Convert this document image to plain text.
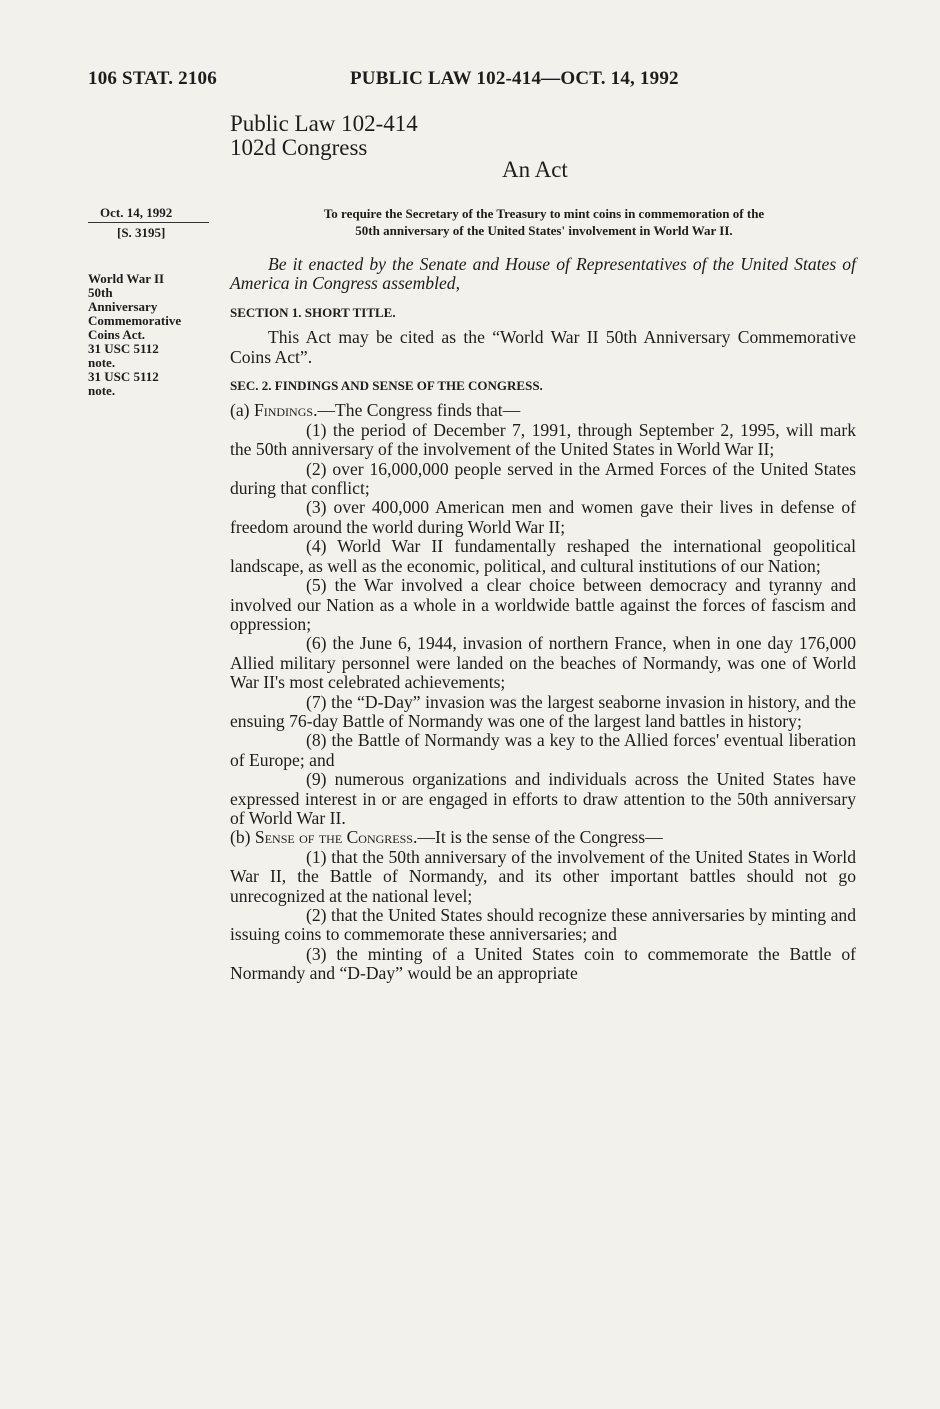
106 STAT. 2106	PUBLIC LAW 102-414—OCT. 14, 1992
Public Law 102-414
102d Congress
An Act
Oct. 14, 1992
[S. 3195]
World War II
50th
Anniversary
Commemorative
Coins Act.
31 USC 5112
note.
31 USC 5112
note.
To require the Secretary of the Treasury to mint coins in commemoration of the
50th anniversary of the United States' involvement in World War II.

Be it enacted by the Senate and House of Representatives of the United States of America in Congress assembled,

SECTION 1. SHORT TITLE.

This Act may be cited as the “World War II 50th Anniversary Commemorative Coins Act”.

SEC. 2. FINDINGS AND SENSE OF THE CONGRESS.

(a) Findings.—The Congress finds that—

(1) the period of December 7, 1991, through September 2, 1995, will mark the 50th anniversary of the involvement of the United States in World War II;

(2) over 16,000,000 people served in the Armed Forces of the United States during that conflict;

(3) over 400,000 American men and women gave their lives in defense of freedom around the world during World War II;

(4) World War II fundamentally reshaped the international geopolitical landscape, as well as the economic, political, and cultural institutions of our Nation;

(5) the War involved a clear choice between democracy and tyranny and involved our Nation as a whole in a worldwide battle against the forces of fascism and oppression;

(6) the June 6, 1944, invasion of northern France, when in one day 176,000 Allied military personnel were landed on the beaches of Normandy, was one of World War II's most celebrated achievements;

(7) the “D-Day” invasion was the largest seaborne invasion in history, and the ensuing 76-day Battle of Normandy was one of the largest land battles in history;

(8) the Battle of Normandy was a key to the Allied forces' eventual liberation of Europe; and

(9) numerous organizations and individuals across the United States have expressed interest in or are engaged in efforts to draw attention to the 50th anniversary of World War II.

(b) Sense of the Congress.—It is the sense of the Congress—

(1) that the 50th anniversary of the involvement of the United States in World War II, the Battle of Normandy, and its other important battles should not go unrecognized at the national level;

(2) that the United States should recognize these anniversaries by minting and issuing coins to commemorate these anniversaries; and

(3) the minting of a United States coin to commemorate the Battle of Normandy and “D-Day” would be an appropriate
